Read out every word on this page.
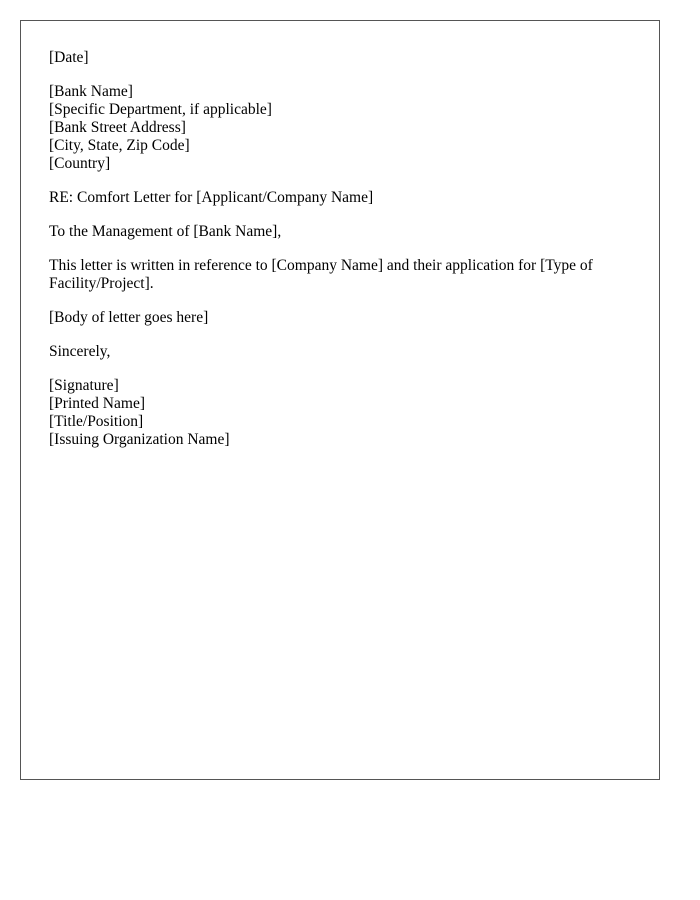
[Date]
[Bank Name]
[Specific Department, if applicable]
[Bank Street Address]
[City, State, Zip Code]
[Country]
RE: Comfort Letter for [Applicant/Company Name]
To the Management of [Bank Name],
This letter is written in reference to [Company Name] and their application for [Type of Facility/Project].
[Body of letter goes here]
Sincerely,
[Signature]
[Printed Name]
[Title/Position]
[Issuing Organization Name]
